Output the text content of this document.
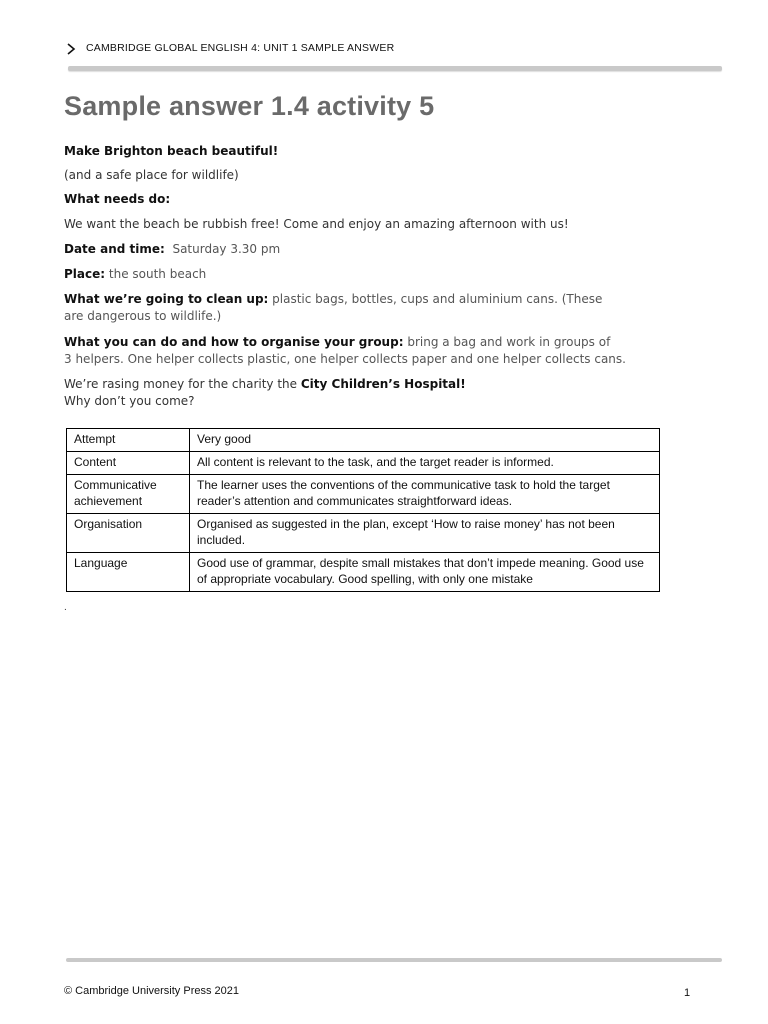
CAMBRIDGE GLOBAL ENGLISH 4: UNIT 1 SAMPLE ANSWER
Sample answer 1.4 activity 5

Make Brighton beach beautiful!

(and a safe place for wildlife)

What needs do:

We want the beach be rubbish free! Come and enjoy an amazing afternoon with us!

Date and time: Saturday 3.30 pm

Place: the south beach

What we’re going to clean up: plastic bags, bottles, cups and aluminium cans. (These are dangerous to wildlife.)

What you can do and how to organise your group: bring a bag and work in groups of
3 helpers. One helper collects plastic, one helper collects paper and one helper collects cans.

We’re rasing money for the charity the City Children’s Hospital!
Why don’t you come?

Attempt	Very good
Content	All content is relevant to the task, and the target reader is informed.
Communicative achievement	The learner uses the conventions of the communicative task to hold the target reader’s attention and communicates straightforward ideas.
Organisation	Organised as suggested in the plan, except ‘How to raise money’ has not been included.
Language	Good use of grammar, despite small mistakes that don’t impede meaning. Good use of appropriate vocabulary. Good spelling, with only one mistake
.
© Cambridge University Press 2021	1
